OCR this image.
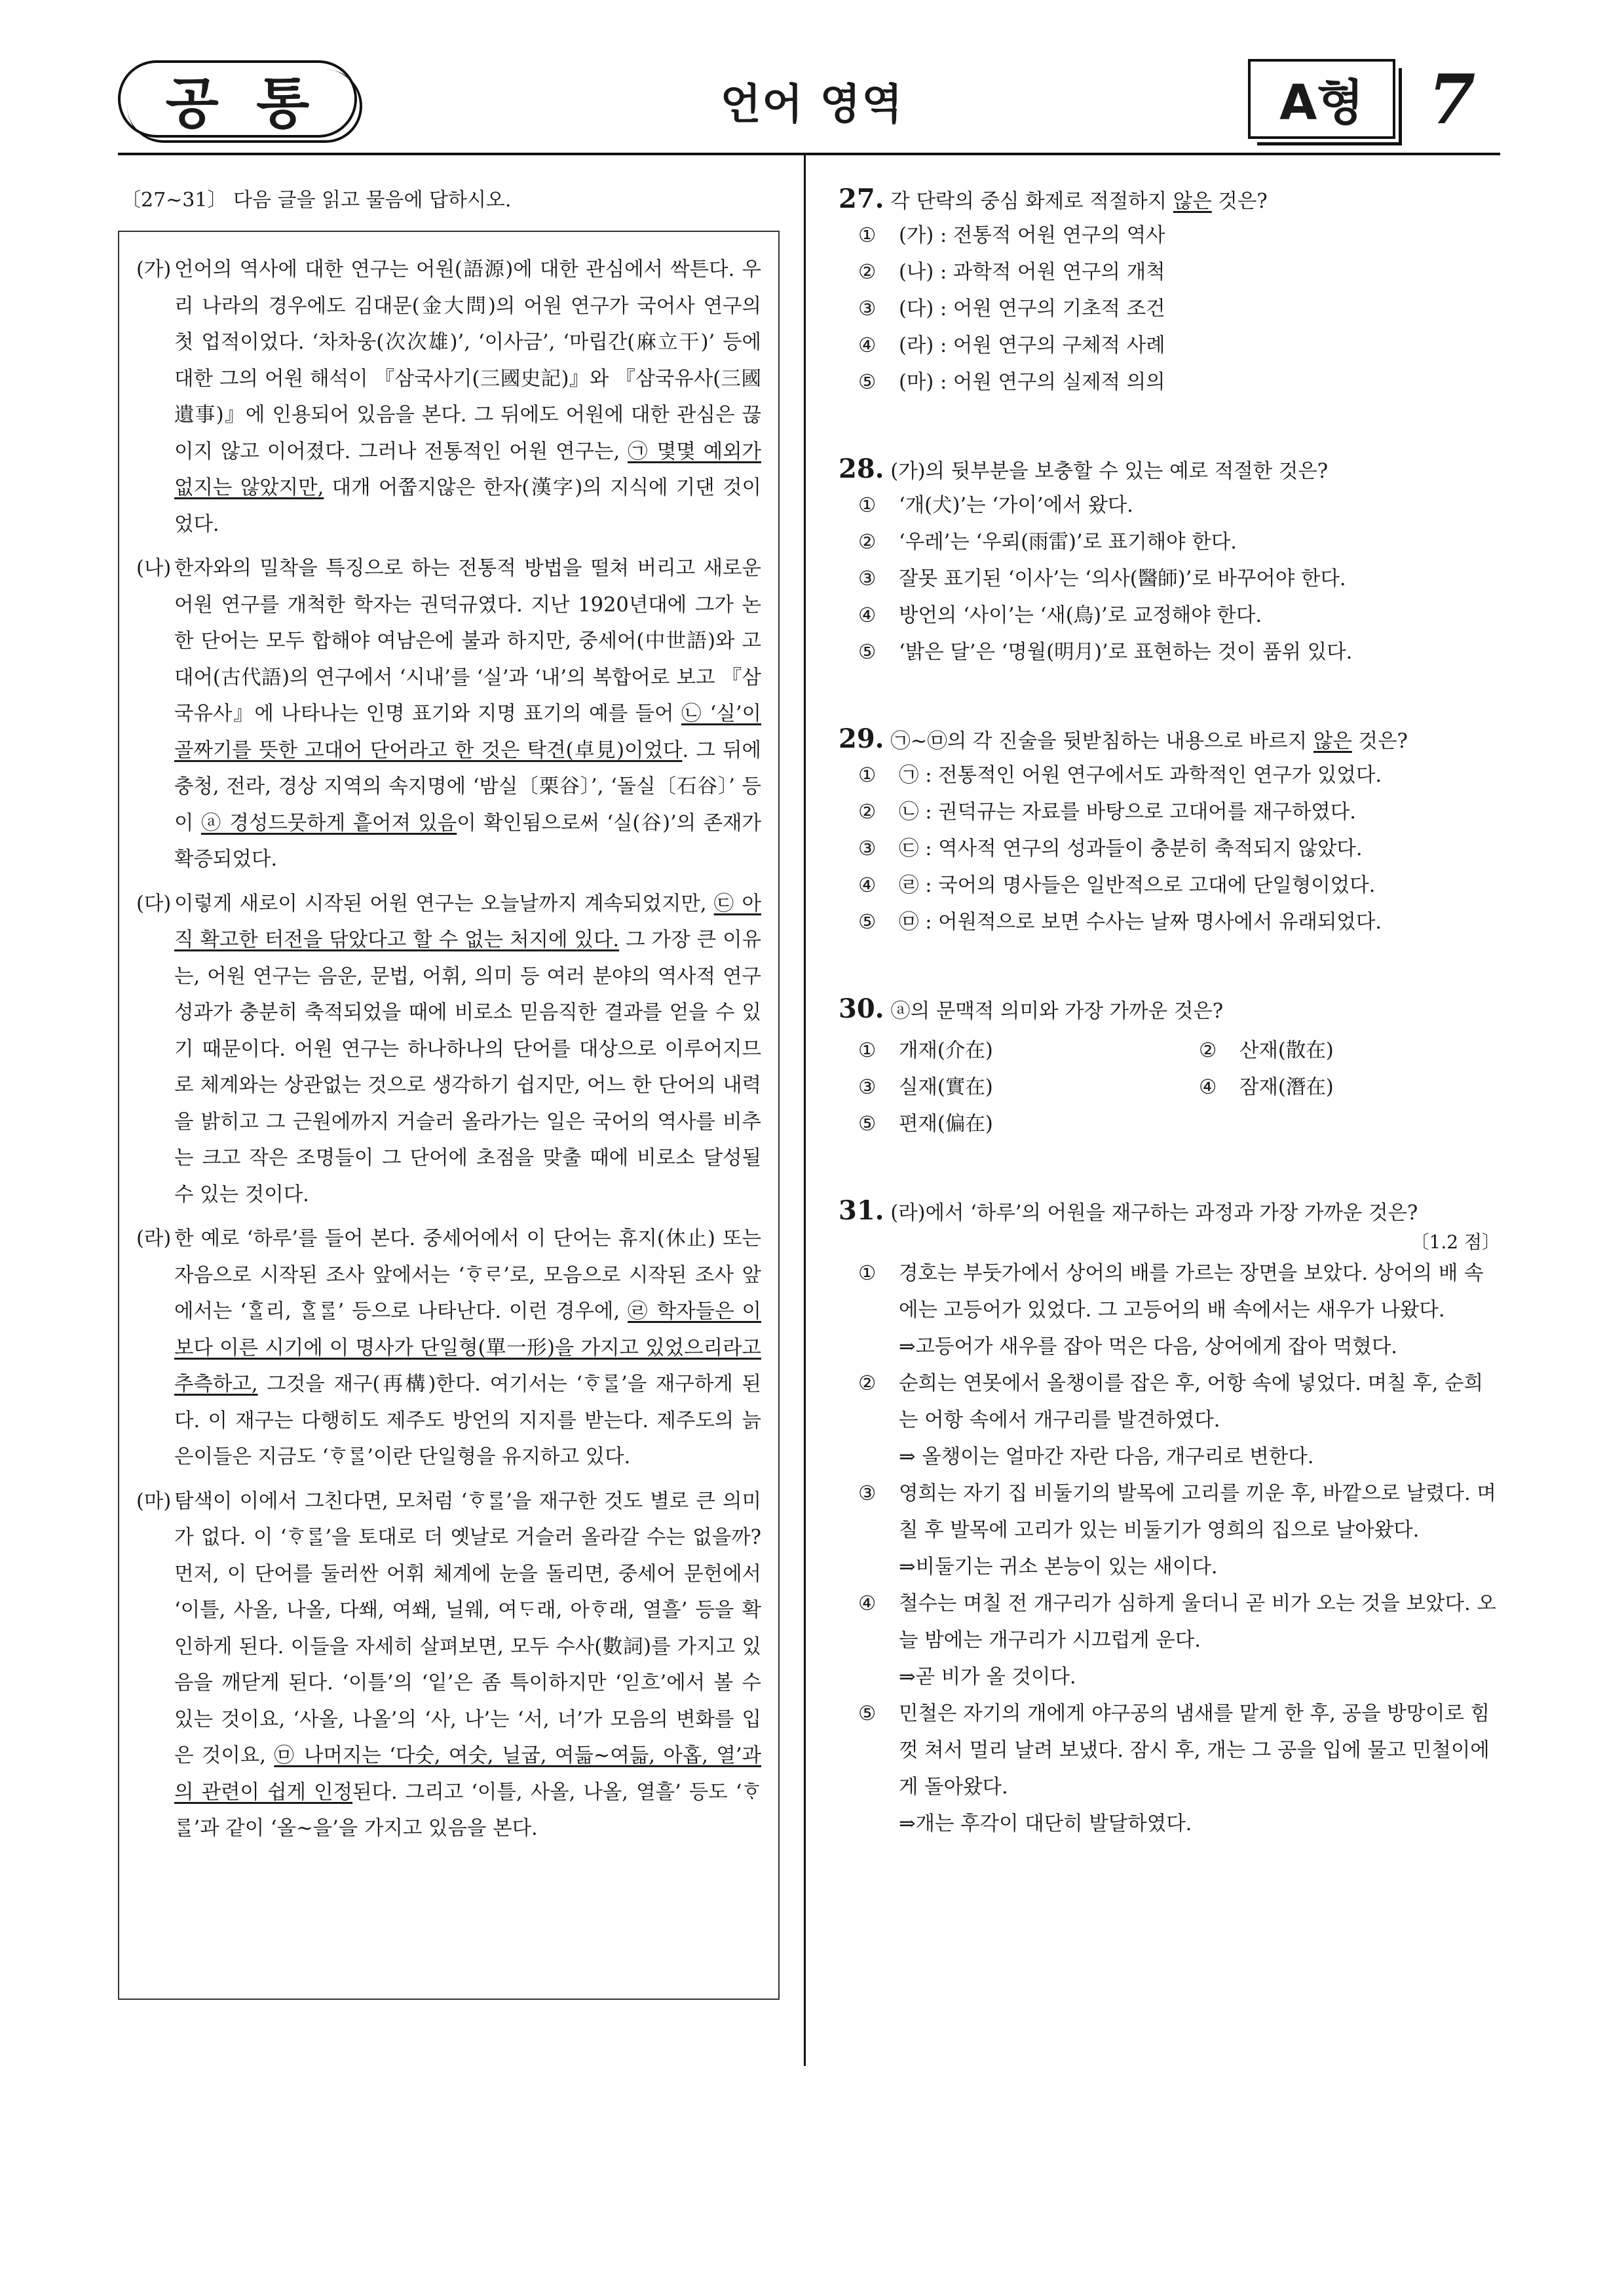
공 통	언어 영역	A형 7
〔27∼31〕 다음 글을 읽고 물음에 답하시오.

(가) 언어의 역사에 대한 연구는 어원(語源)에 대한 관심에서 싹튼다. 우리 나라의 경우에도 김대문(金大問)의 어원 연구가 국어사 연구의 첫 업적이었다. ‘차차웅(次次雄)’, ‘이사금’, ‘마립간(麻立干)’ 등에 대한 그의 어원 해석이 『삼국사기(三國史記)』와 『삼국유사(三國遺事)』에 인용되어 있음을 본다. 그 뒤에도 어원에 대한 관심은 끊이지 않고 이어졌다. 그러나 전통적인 어원 연구는, ㉠ 몇몇 예외가 없지는 않았지만, 대개 어쭙지않은 한자(漢字)의 지식에 기댄 것이었다.

(나) 한자와의 밀착을 특징으로 하는 전통적 방법을 떨쳐 버리고 새로운 어원 연구를 개척한 학자는 권덕규였다. 지난 1920년대에 그가 논한 단어는 모두 합해야 여남은에 불과 하지만, 중세어(中世語)와 고대어(古代語)의 연구에서 ‘시내’를 ‘실’과 ‘내’의 복합어로 보고 『삼국유사』에 나타나는 인명 표기와 지명 표기의 예를 들어 ㉡ ‘실’이 골짜기를 뜻한 고대어 단어라고 한 것은 탁견(卓見)이었다. 그 뒤에 충청, 전라, 경상 지역의 속지명에 ‘밤실〔栗谷〕’, ‘돌실〔石谷〕’ 등이 ⓐ 경성드뭇하게 흩어져 있음이 확인됨으로써 ‘실(谷)’의 존재가 확증되었다.

(다) 이렇게 새로이 시작된 어원 연구는 오늘날까지 계속되었지만, ㉢ 아직 확고한 터전을 닦았다고 할 수 없는 처지에 있다. 그 가장 큰 이유는, 어원 연구는 음운, 문법, 어휘, 의미 등 여러 분야의 역사적 연구 성과가 충분히 축적되었을 때에 비로소 믿음직한 결과를 얻을 수 있기 때문이다. 어원 연구는 하나하나의 단어를 대상으로 이루어지므로 체계와는 상관없는 것으로 생각하기 쉽지만, 어느 한 단어의 내력을 밝히고 그 근원에까지 거슬러 올라가는 일은 국어의 역사를 비추는 크고 작은 조명들이 그 단어에 초점을 맞출 때에 비로소 달성될 수 있는 것이다.

(라) 한 예로 ‘하루’를 들어 본다. 중세어에서 이 단어는 휴지(休止) 또는 자음으로 시작된 조사 앞에서는 ‘ᄒᆞᄅᆞ’로, 모음으로 시작된 조사 앞에서는 ‘ᄒᆞᆯ리, ᄒᆞᆯᄅᆞᆯ’ 등으로 나타난다. 이런 경우에, ㉣ 학자들은 이보다 이른 시기에 이 명사가 단일형(單一形)을 가지고 있었으리라고 추측하고, 그것을 재구(再構)한다. 여기서는 ‘ᄒᆞᄅᆞᆯ’을 재구하게 된다. 이 재구는 다행히도 제주도 방언의 지지를 받는다. 제주도의 늙은이들은 지금도 ‘ᄒᆞᄅᆞᆯ’이란 단일형을 유지하고 있다.

(마) 탐색이 이에서 그친다면, 모처럼 ‘ᄒᆞᄅᆞᆯ’을 재구한 것도 별로 큰 의미가 없다. 이 ‘ᄒᆞᄅᆞᆯ’을 토대로 더 옛날로 거슬러 올라갈 수는 없을까? 먼저, 이 단어를 둘러싼 어휘 체계에 눈을 돌리면, 중세어 문헌에서 ‘이틀, 사올, 나올, 다쐐, 여쐐, 닐웨, 여ᄃᆞ래, 아ᄒᆞ래, 열흘’ 등을 확인하게 된다. 이들을 자세히 살펴보면, 모두 수사(數詞)를 가지고 있음을 깨닫게 된다. ‘이틀’의 ‘잍’은 좀 특이하지만 ‘읻흐’에서 볼 수 있는 것이요, ‘사올, 나올’의 ‘사, 나’는 ‘서, 너’가 모음의 변화를 입은 것이요, ㉤ 나머지는 ‘다숫, 여숫, 닐굽, 여듧~여듧, 아홉, 열’과의 관련이 쉽게 인정된다. 그리고 ‘이틀, 사올, 나올, 열흘’ 등도 ‘ᄒᆞᄅᆞᆯ’과 같이 ‘올∼을’을 가지고 있음을 본다.

27. 각 단락의 중심 화제로 적절하지 않은 것은?
① (가) : 전통적 어원 연구의 역사
② (나) : 과학적 어원 연구의 개척
③ (다) : 어원 연구의 기초적 조건
④ (라) : 어원 연구의 구체적 사례
⑤ (마) : 어원 연구의 실제적 의의
28. (가)의 뒷부분을 보충할 수 있는 예로 적절한 것은?
① ‘개(犬)’는 ‘가이’에서 왔다.
② ‘우레’는 ‘우뢰(雨雷)’로 표기해야 한다.
③ 잘못 표기된 ‘이사’는 ‘의사(醫師)’로 바꾸어야 한다.
④ 방언의 ‘사이’는 ‘새(鳥)’로 교정해야 한다.
⑤ ‘밝은 달’은 ‘명월(明月)’로 표현하는 것이 품위 있다.
29. ㉠∼㉤의 각 진술을 뒷받침하는 내용으로 바르지 않은 것은?
① ㉠ : 전통적인 어원 연구에서도 과학적인 연구가 있었다.
② ㉡ : 권덕규는 자료를 바탕으로 고대어를 재구하였다.
③ ㉢ : 역사적 연구의 성과들이 충분히 축적되지 않았다.
④ ㉣ : 국어의 명사들은 일반적으로 고대에 단일형이었다.
⑤ ㉤ : 어원적으로 보면 수사는 날짜 명사에서 유래되었다.
30. ⓐ의 문맥적 의미와 가장 가까운 것은?
① 개재(介在)	② 산재(散在)
③ 실재(實在)	④ 잠재(潛在)
⑤ 편재(偏在)
31. (라)에서 ‘하루’의 어원을 재구하는 과정과 가장 가까운 것은?
〔1.2 점〕
① 경호는 부둣가에서 상어의 배를 가르는 장면을 보았다. 상어의 배 속에는 고등어가 있었다. 그 고등어의 배 속에서는 새우가 나왔다.
⇒고등어가 새우를 잡아 먹은 다음, 상어에게 잡아 먹혔다.
② 순희는 연못에서 올챙이를 잡은 후, 어항 속에 넣었다. 며칠 후, 순희는 어항 속에서 개구리를 발견하였다.
⇒ 올챙이는 얼마간 자란 다음, 개구리로 변한다.
③ 영희는 자기 집 비둘기의 발목에 고리를 끼운 후, 바깥으로 날렸다. 며칠 후 발목에 고리가 있는 비둘기가 영희의 집으로 날아왔다.
⇒비둘기는 귀소 본능이 있는 새이다.
④ 철수는 며칠 전 개구리가 심하게 울더니 곧 비가 오는 것을 보았다. 오늘 밤에는 개구리가 시끄럽게 운다.
⇒곧 비가 올 것이다.
⑤ 민철은 자기의 개에게 야구공의 냄새를 맡게 한 후, 공을 방망이로 힘껏 쳐서 멀리 날려 보냈다. 잠시 후, 개는 그 공을 입에 물고 민철이에게 돌아왔다.
⇒개는 후각이 대단히 발달하였다.
